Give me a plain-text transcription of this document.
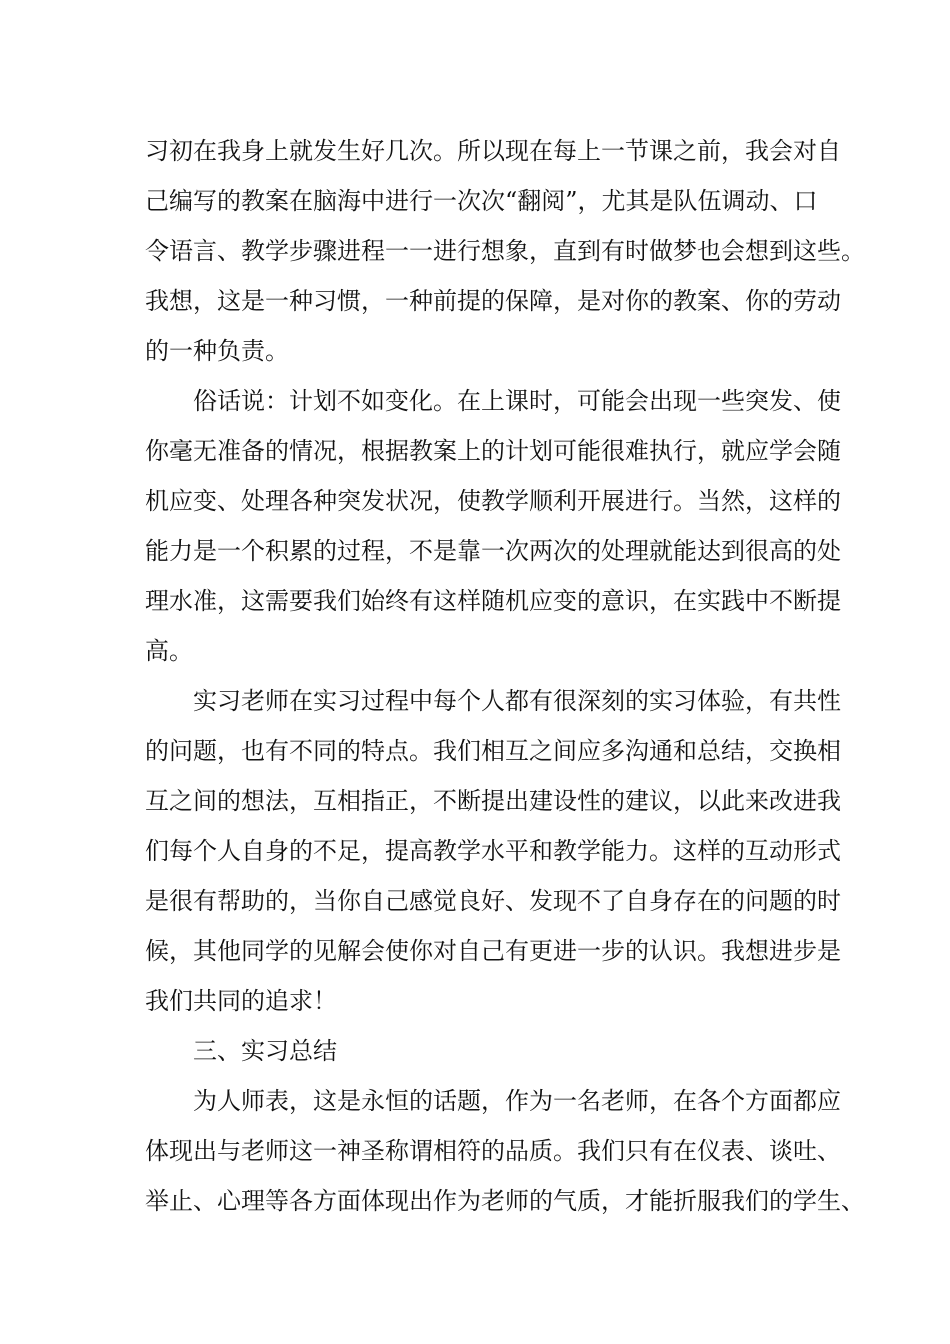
习初在我身上就发生好几次。所以现在每上一节课之前，我会对自
己编写的教案在脑海中进行一次次“翻阅”，尤其是队伍调动、口
令语言、教学步骤进程一一进行想象，直到有时做梦也会想到这些。
我想，这是一种习惯，一种前提的保障，是对你的教案、你的劳动
的一种负责。
俗话说：计划不如变化。在上课时，可能会出现一些突发、使
你毫无准备的情况，根据教案上的计划可能很难执行，就应学会随
机应变、处理各种突发状况，使教学顺利开展进行。当然，这样的
能力是一个积累的过程，不是靠一次两次的处理就能达到很高的处
理水准，这需要我们始终有这样随机应变的意识，在实践中不断提
高。
实习老师在实习过程中每个人都有很深刻的实习体验，有共性
的问题，也有不同的特点。我们相互之间应多沟通和总结，交换相
互之间的想法，互相指正，不断提出建设性的建议，以此来改进我
们每个人自身的不足，提高教学水平和教学能力。这样的互动形式
是很有帮助的，当你自己感觉良好、发现不了自身存在的问题的时
候，其他同学的见解会使你对自己有更进一步的认识。我想进步是
我们共同的追求！
三、实习总结
为人师表，这是永恒的话题，作为一名老师，在各个方面都应
体现出与老师这一神圣称谓相符的品质。我们只有在仪表、谈吐、
举止、心理等各方面体现出作为老师的气质，才能折服我们的学生、
